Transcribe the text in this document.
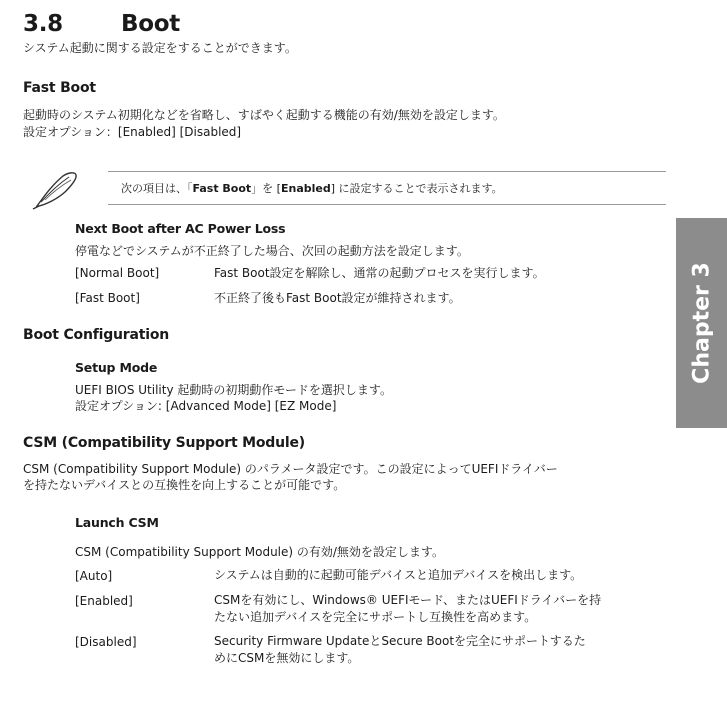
3.8	Boot
システム起動に関する設定をすることができます。
Fast Boot
起動時のシステム初期化などを省略し、すばやく起動する機能の有効/無効を設定します。
設定オプション：[Enabled] [Disabled]
次の項目は、「Fast Boot」を [Enabled] に設定することで表示されます。
Next Boot after AC Power Loss
停電などでシステムが不正終了した場合、次回の起動方法を設定します。
[Normal Boot]	Fast Boot設定を解除し、通常の起動プロセスを実行します。
[Fast Boot]	不正終了後もFast Boot設定が維持されます。
Boot Configuration
Setup Mode
UEFI BIOS Utility 起動時の初期動作モードを選択します。
設定オプション: [Advanced Mode] [EZ Mode]
CSM (Compatibility Support Module)
CSM (Compatibility Support Module) のパラメータ設定です。この設定によってUEFIドライバー
を持たないデバイスとの互換性を向上することが可能です。
Launch CSM
CSM (Compatibility Support Module) の有効/無効を設定します。
[Auto]	システムは自動的に起動可能デバイスと追加デバイスを検出します。
[Enabled]	CSMを有効にし、Windows® UEFIモード、またはUEFIドライバーを持
たない追加デバイスを完全にサポートし互換性を高めます。
[Disabled]	Security Firmware UpdateとSecure Bootを完全にサポートするた
めにCSMを無効にします。
Chapter 3
